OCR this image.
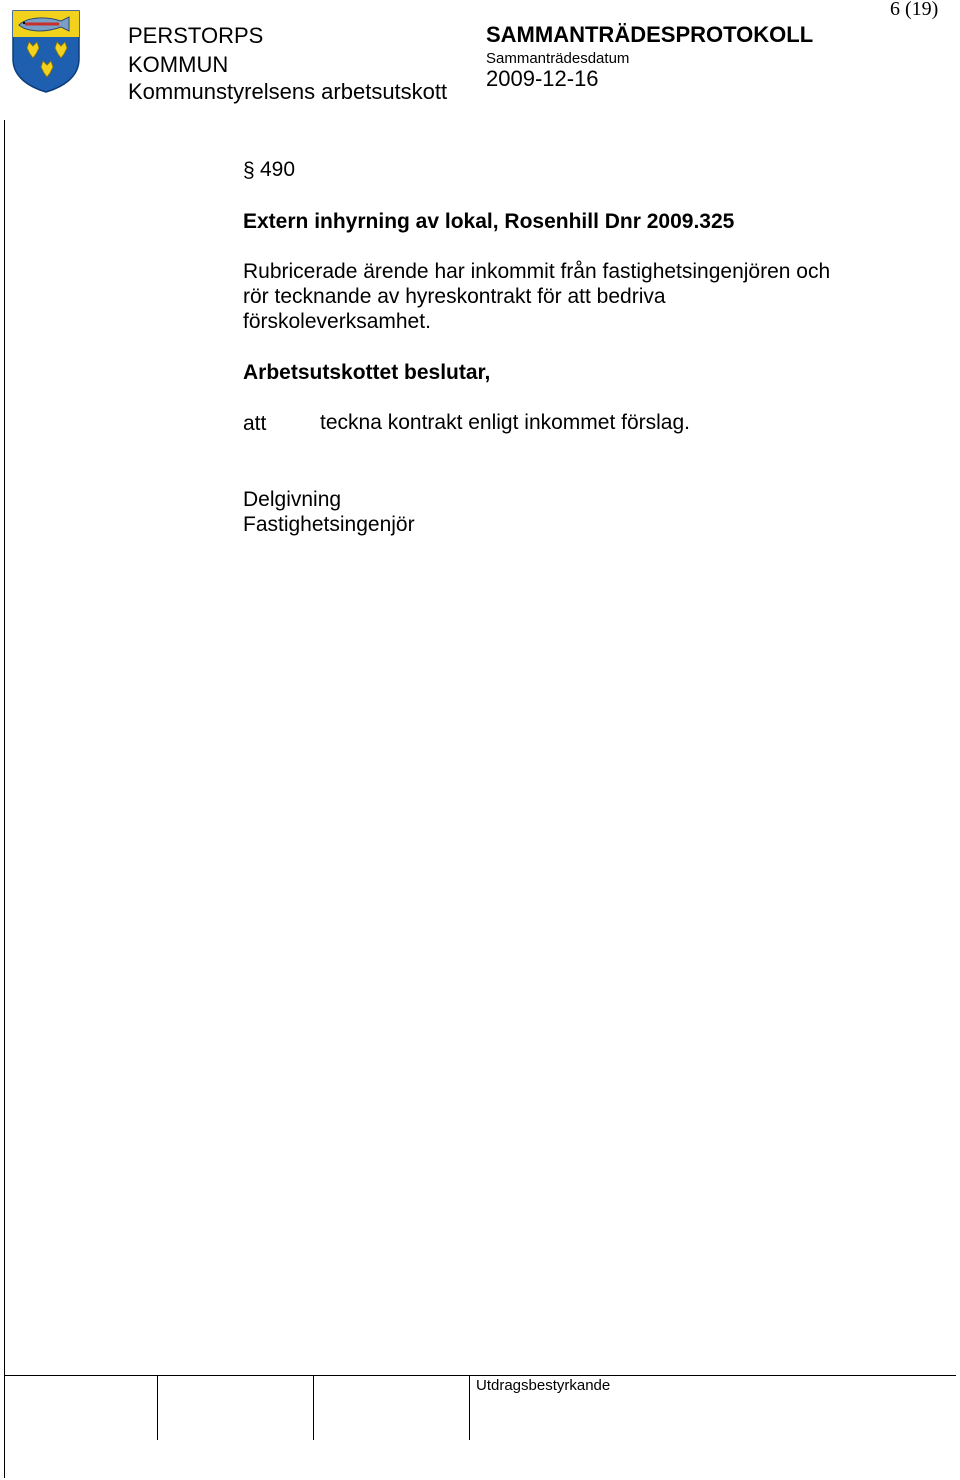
PERSTORPS
KOMMUN
Kommunstyrelsens arbetsutskott
SAMMANTRÄDESPROTOKOLL
Sammanträdesdatum
2009-12-16
6 (19)
§ 490
Extern inhyrning av lokal, Rosenhill Dnr 2009.325
Rubricerade ärende har inkommit från fastighetsingenjören och rör tecknande av hyreskontrakt för att bedriva förskoleverksamhet.
Arbetsutskottet beslutar,
att	teckna kontrakt enligt inkommet förslag.
Delgivning
Fastighetsingenjör
Utdragsbestyrkande
